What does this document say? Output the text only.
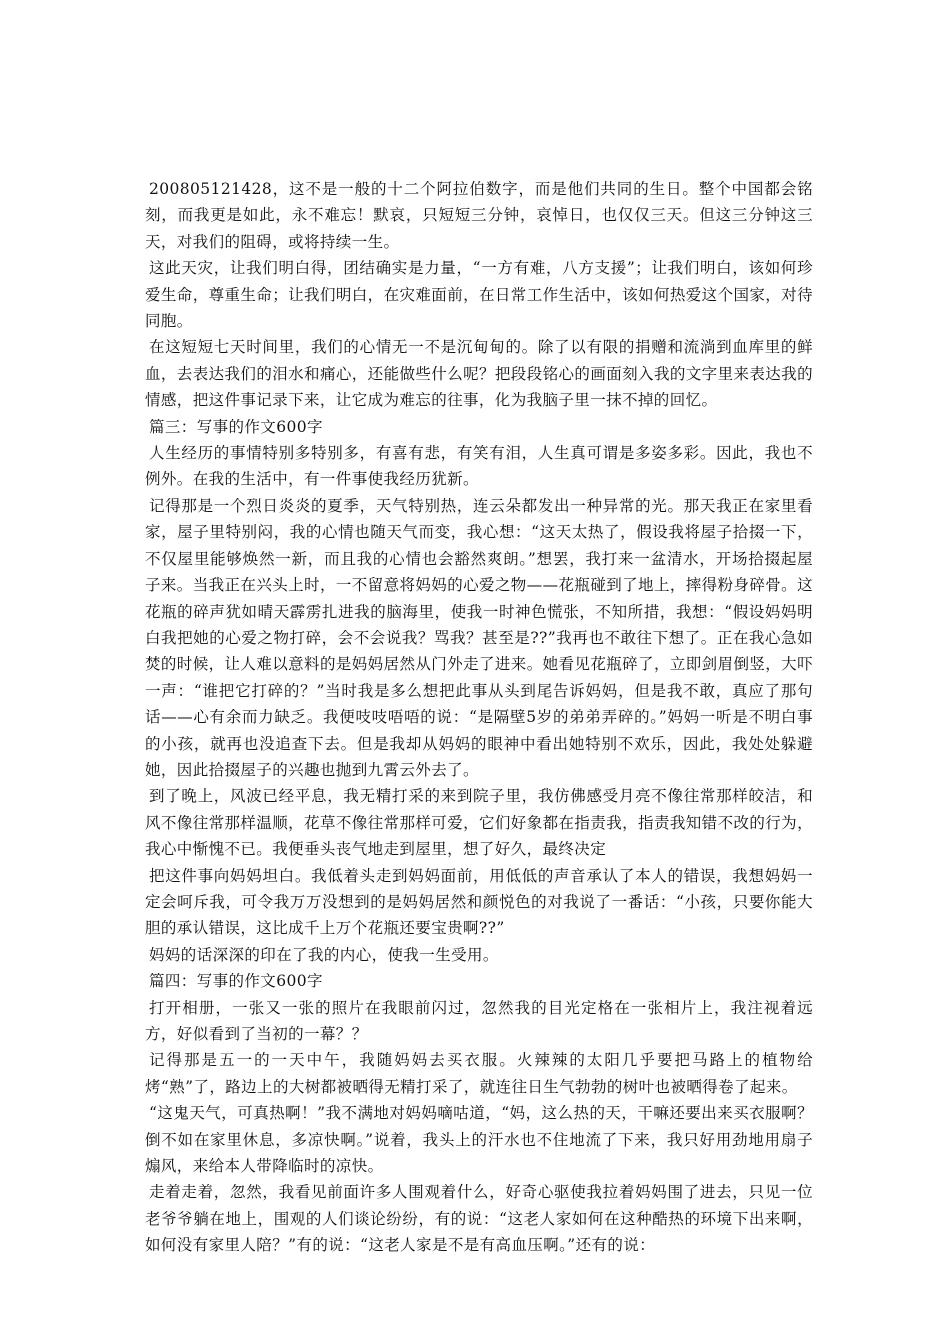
200805121428，这不是一般的十二个阿拉伯数字，而是他们共同的生日。整个中国都会铭刻，而我更是如此，永不难忘！默哀，只短短三分钟，哀悼日，也仅仅三天。但这三分钟这三天，对我们的阻碍，或将持续一生。

这此天灾，让我们明白得，团结确实是力量，“一方有难，八方支援”；让我们明白，该如何珍爱生命，尊重生命；让我们明白，在灾难面前，在日常工作生活中，该如何热爱这个国家，对待同胞。

在这短短七天时间里，我们的心情无一不是沉甸甸的。除了以有限的捐赠和流淌到血库里的鲜血，去表达我们的泪水和痛心，还能做些什么呢？把段段铭心的画面刻入我的文字里来表达我的情感，把这件事记录下来，让它成为难忘的往事，化为我脑子里一抹不掉的回忆。

篇三：写事的作文600字

人生经历的事情特别多特别多，有喜有悲，有笑有泪，人生真可谓是多姿多彩。因此，我也不例外。在我的生活中，有一件事使我经历犹新。

记得那是一个烈日炎炎的夏季，天气特别热，连云朵都发出一种异常的光。那天我正在家里看家，屋子里特别闷，我的心情也随天气而变，我心想：“这天太热了，假设我将屋子拾掇一下，不仅屋里能够焕然一新，而且我的心情也会豁然爽朗。”想罢，我打来一盆清水，开场拾掇起屋子来。当我正在兴头上时，一不留意将妈妈的心爱之物——花瓶碰到了地上，摔得粉身碎骨。这花瓶的碎声犹如晴天霹雳扎进我的脑海里，使我一时神色慌张，不知所措，我想：“假设妈妈明白我把她的心爱之物打碎，会不会说我？骂我？甚至是??”我再也不敢往下想了。正在我心急如焚的时候，让人难以意料的是妈妈居然从门外走了进来。她看见花瓶碎了，立即剑眉倒竖，大吓一声：“谁把它打碎的？”当时我是多么想把此事从头到尾告诉妈妈，但是我不敢，真应了那句话——心有余而力缺乏。我便吱吱唔唔的说：“是隔壁5岁的弟弟弄碎的。”妈妈一听是不明白事的小孩，就再也没追查下去。但是我却从妈妈的眼神中看出她特别不欢乐，因此，我处处躲避她，因此拾掇屋子的兴趣也抛到九霄云外去了。

到了晚上，风波已经平息，我无精打采的来到院子里，我仿佛感受月亮不像往常那样皎洁，和风不像往常那样温顺，花草不像往常那样可爱，它们好象都在指责我，指责我知错不改的行为，我心中惭愧不已。我便垂头丧气地走到屋里，想了好久，最终决定

把这件事向妈妈坦白。我低着头走到妈妈面前，用低低的声音承认了本人的错误，我想妈妈一定会呵斥我，可令我万万没想到的是妈妈居然和颜悦色的对我说了一番话：“小孩，只要你能大胆的承认错误，这比成千上万个花瓶还要宝贵啊??”

妈妈的话深深的印在了我的内心，使我一生受用。

篇四：写事的作文600字

打开相册，一张又一张的照片在我眼前闪过，忽然我的目光定格在一张相片上，我注视着远方，好似看到了当初的一幕？？

记得那是五一的一天中午，我随妈妈去买衣服。火辣辣的太阳几乎要把马路上的植物给烤“熟”了，路边上的大树都被晒得无精打采了，就连往日生气勃勃的树叶也被晒得卷了起来。

“这鬼天气，可真热啊！”我不满地对妈妈嘀咕道，“妈，这么热的天，干嘛还要出来买衣服啊？倒不如在家里休息，多凉快啊。”说着，我头上的汗水也不住地流了下来，我只好用劲地用扇子煽风，来给本人带降临时的凉快。

走着走着，忽然，我看见前面许多人围观着什么，好奇心驱使我拉着妈妈围了进去，只见一位老爷爷躺在地上，围观的人们谈论纷纷，有的说：“这老人家如何在这种酷热的环境下出来啊，如何没有家里人陪？”有的说：“这老人家是不是有高血压啊。”还有的说：
